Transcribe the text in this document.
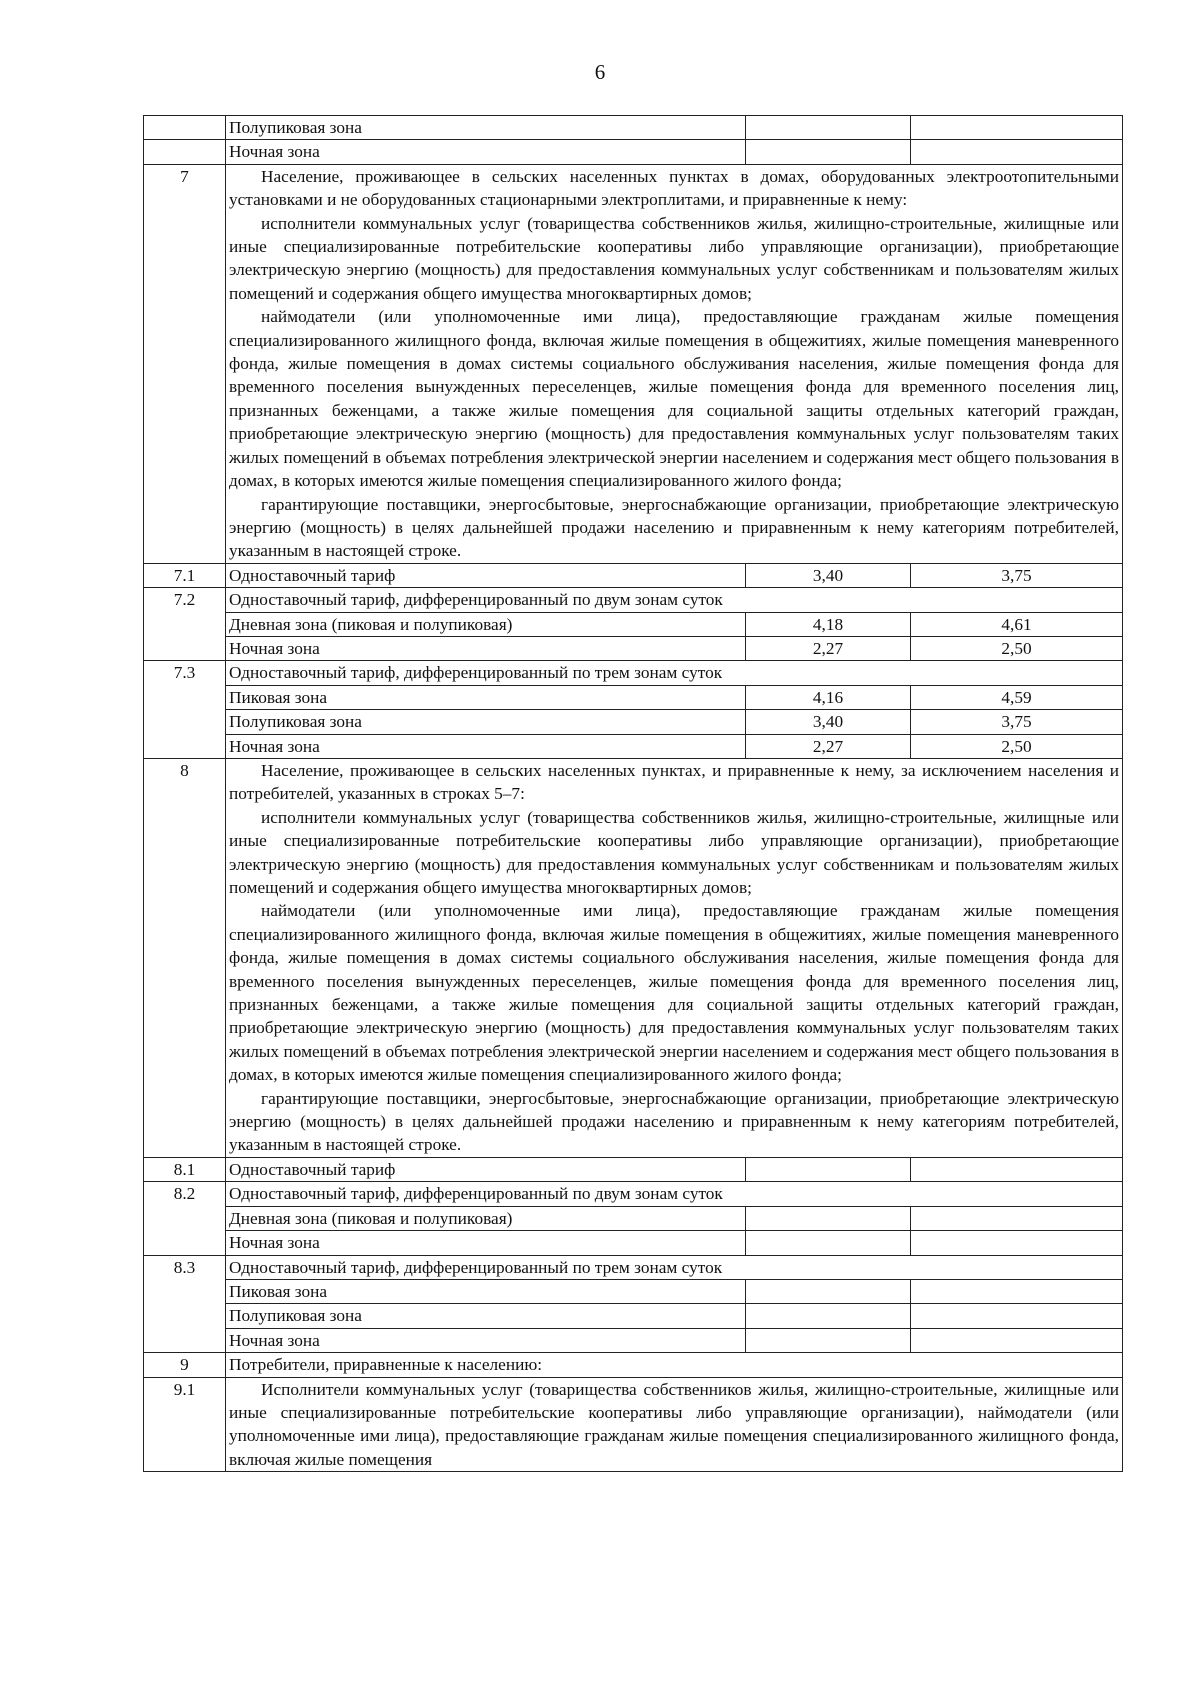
6
	Полупиковая зона		
	Ночная зона		
7	Население, проживающее в сельских населенных пунктах в домах, оборудованных электроотопительными установками и не оборудованных стационарными электроплитами, и приравненные к нему:

исполнители коммунальных услуг (товарищества собственников жилья, жилищно-строительные, жилищные или иные специализированные потребительские кооперативы либо управляющие организации), приобретающие электрическую энергию (мощность) для предоставления коммунальных услуг собственникам и пользователям жилых помещений и содержания общего имущества многоквартирных домов;

наймодатели (или уполномоченные ими лица), предоставляющие гражданам жилые помещения специализированного жилищного фонда, включая жилые помещения в общежитиях, жилые помещения маневренного фонда, жилые помещения в домах системы социального обслуживания населения, жилые помещения фонда для временного поселения вынужденных переселенцев, жилые помещения фонда для временного поселения лиц, признанных беженцами, а также жилые помещения для социальной защиты отдельных категорий граждан, приобретающие электрическую энергию (мощность) для предоставления коммунальных услуг пользователям таких жилых помещений в объемах потребления электрической энергии населением и содержания мест общего пользования в домах, в которых имеются жилые помещения специализированного жилого фонда;

гарантирующие поставщики, энергосбытовые, энергоснабжающие организации, приобретающие электрическую энергию (мощность) в целях дальнейшей продажи населению и приравненным к нему категориям потребителей, указанным в настоящей строке.		

7.1	Одноставочный тариф	3,40	3,75
7.2	Одноставочный тариф, дифференцированный по двум зонам суток		
	Дневная зона (пиковая и полупиковая)	4,18	4,61
	Ночная зона	2,27	2,50
7.3	Одноставочный тариф, дифференцированный по трем зонам суток		
	Пиковая зона	4,16	4,59
	Полупиковая зона	3,40	3,75
	Ночная зона	2,27	2,50
8	Население, проживающее в сельских населенных пунктах, и приравненные к нему, за исключением населения и потребителей, указанных в строках 5–7:

исполнители коммунальных услуг (товарищества собственников жилья, жилищно-строительные, жилищные или иные специализированные потребительские кооперативы либо управляющие организации), приобретающие электрическую энергию (мощность) для предоставления коммунальных услуг собственникам и пользователям жилых помещений и содержания общего имущества многоквартирных домов;

наймодатели (или уполномоченные ими лица), предоставляющие гражданам жилые помещения специализированного жилищного фонда, включая жилые помещения в общежитиях, жилые помещения маневренного фонда, жилые помещения в домах системы социального обслуживания населения, жилые помещения фонда для временного поселения вынужденных переселенцев, жилые помещения фонда для временного поселения лиц, признанных беженцами, а также жилые помещения для социальной защиты отдельных категорий граждан, приобретающие электрическую энергию (мощность) для предоставления коммунальных услуг пользователям таких жилых помещений в объемах потребления электрической энергии населением и содержания мест общего пользования в домах, в которых имеются жилые помещения специализированного жилого фонда;

гарантирующие поставщики, энергосбытовые, энергоснабжающие организации, приобретающие электрическую энергию (мощность) в целях дальнейшей продажи населению и приравненным к нему категориям потребителей, указанным в настоящей строке.		

8.1	Одноставочный тариф		
8.2	Одноставочный тариф, дифференцированный по двум зонам суток		
	Дневная зона (пиковая и полупиковая)		
	Ночная зона		
8.3	Одноставочный тариф, дифференцированный по трем зонам суток		
	Пиковая зона		
	Полупиковая зона		
	Ночная зона		
9	Потребители, приравненные к населению:		
9.1	Исполнители коммунальных услуг (товарищества собственников жилья, жилищно-строительные, жилищные или иные специализированные потребительские кооперативы либо управляющие организации), наймодатели (или уполномоченные ими лица), предоставляющие гражданам жилые помещения специализированного жилищного фонда, включая жилые помещения		
